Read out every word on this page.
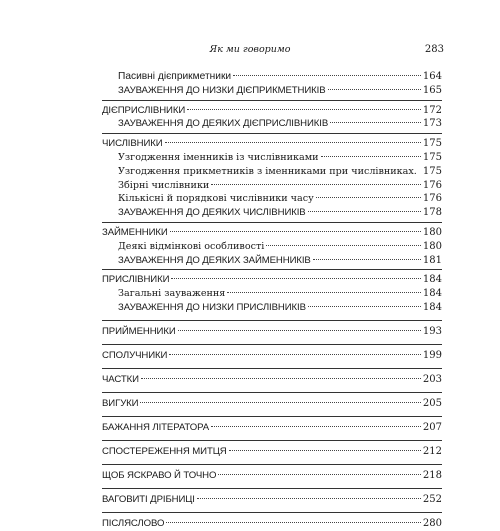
Як ми говоримо	283
Пасивні дієприкметники	164
ЗАУВАЖЕННЯ ДО НИЗКИ ДІЄПРИКМЕТНИКІВ	165
ДІЄПРИСЛІВНИКИ	172
ЗАУВАЖЕННЯ ДО ДЕЯКИХ ДІЄПРИСЛІВНИКІВ	173
ЧИСЛІВНИКИ	175
Узгодження іменників із числівниками	175
Узгодження прикметників з іменниками при числівниках. 175
Збірні числівники	176
Кількісні й порядкові числівники часу	176
ЗАУВАЖЕННЯ ДО ДЕЯКИХ ЧИСЛІВНИКІВ	178
ЗАЙМЕННИКИ	180
Деякі відмінкові особливості	180
ЗАУВАЖЕННЯ ДО ДЕЯКИХ ЗАЙМЕННИКІВ	181
ПРИСЛІВНИКИ	184
Загальні зауваження	184
ЗАУВАЖЕННЯ ДО НИЗКИ ПРИСЛІВНИКІВ	184
ПРИЙМЕННИКИ	193
СПОЛУЧНИКИ	199
ЧАСТКИ	203
ВИГУКИ	205
БАЖАННЯ ЛІТЕРАТОРА	207
СПОСТЕРЕЖЕННЯ МИТЦЯ	212
ЩОБ ЯСКРАВО Й ТОЧНО	218
ВАГОВИТІ ДРІБНИЦІ	252
ПІСЛЯСЛОВО	280
